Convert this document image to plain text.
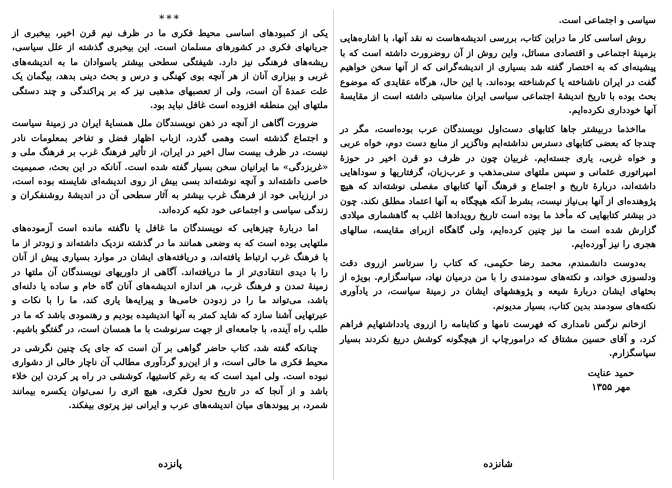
سیاسی و اجتماعی است.

روش اساسی کار ما دراین کتاب، بررسی اندیشه‌هاست نه نقد آنها، با اشاره‌هایی بزمینهٔ اجتماعی و اقتصادی مسائل، واین روش از آن روضرورت داشته است که با پیشینه‌ای که به اختصار گفته شد بسیاری از اندیشه‌گرانی که از آنها سخن خواهیم گفت در ایران ناشناخته یا کم‌شناخته بوده‌اند. با این حال، هرگاه عقایدی که موضوع بحث بوده با تاریخ اندیشهٔ اجتماعی سیاسی ایران مناسبتی داشته است از مقایسهٔ آنها خودداری نکرده‌ایم.

ما‌اخذ‌ما دربیشتر جاها کتابهای دست‌اول نویسندگان عرب بوده‌است، مگر در چندجا که بعضی کتابهای دسترس نداشته‌ایم وناگزیر از منابع دست دوم، خواه عربی و خواه غربی، یاری جسته‌ایم. غربیان چون در ظرف دو قرن اخیر در حوزهٔ امپراتوری عثمانی و سپس ملتهای سنی‌مذهب و عرب‌زبان، گرفتاریها و سوداهایی داشته‌اند، دربارهٔ تاریخ و اجتماع و فرهنگ آنها کتابهای مفصلی نوشته‌اند که هیچ پژوهنده‌ای از آنها بی‌نیاز نیست، بشرط آنکه هیچگاه به آنها اعتماد مطلق نکند. چون در بیشتر کتابهایی که مأخذ ما بوده است تاریخ رویدادها اغلب به گاهشماری میلادی گزارش شده است ما نیز چنین کرده‌ایم، ولی گاهگاه ازبرای مقایسه، سالهای هجری را نیز آورده‌ایم.

به‌دوست دانشمندم، محمد رضا حکیمی، که کتاب را سرتاسر ازروی دقت ودلسوزی خواند، و نکته‌های سودمندی را با من درمیان نهاد، سپاسگزارم. بویژه از بحثهای ایشان دربارهٔ شیعه و پژوهشهای ایشان در زمینهٔ سیاست، در یادآوری نکته‌های سودمند بدین کتاب، بسیار مدیونم.

ازخانم نرگس نامداری که فهرست نامها و کتابنامه را ازروی یادداشتهایم فراهم کرد، و آقای حسین مشتاق که درامورچاپ از هیچگونه کوشش دریغ نکردند بسیار سپاسگزارم.

حمید عنایت
مهر ۱۳۵۵
شانزده
***

یکی از کمبودهای اساسی محیط فکری ما در ظرف نیم قرن اخیر، بیخبری از جریانهای فکری در کشورهای مسلمان است. این بیخبری گذشته از علل سیاسی، ریشه‌های فرهنگی نیز دارد. شیفتگی سطحی بیشتر باسوادان ما به اندیشه‌های غربی و بیزاری آنان از هر آنچه بوی کهنگی و درس و بحث دینی بدهد، بیگمان یک علت عمدهٔ آن است، ولی از تعصبهای مذهبی نیز که بر پراکندگی و چند دستگی ملتهای این منطقه افزوده است غافل نباید بود.

ضرورت آگاهی از آنچه در ذهن نویسندگان ملل همسایهٔ ایران در زمینهٔ سیاست و اجتماع گذشته است وهمی گذرد، ازباب اظهار فضل و تفاخر بمعلومات نادر نیست. در ظرف بیست سال اخیر در ایران، از تأثیر فرهنگ غرب بر فرهنگ ملی و «غربزدگی» ما ایرانیان سخن بسیار گفته شده است. آنانکه در این بحث، صمیمیت خاصی داشته‌اند و آنچه نوشته‌اند بسی بیش از روی اندیشه‌ای شایسته بوده است، در ارزیابی خود از فرهنگ غرب بیشتر به آثار سطحی آن در اندیشهٔ روشنفکران و زندگی سیاسی و اجتماعی خود تکیه کرده‌اند.

اما دربارهٔ چیزهایی که نویسندگان ما غافل یا ناگفته مانده است آزموده‌های ملتهایی بوده است که به وضعی همانند ما در گذشته نزدیک داشته‌اند و زودتر از ما با فرهنگ غرب ارتباط یافته‌اند، و دریافته‌های ایشان در موارد بسیاری پیش از آنان را با دیدی انتقادی‌تر از ما دریافته‌اند. آگاهی از داوریهای نویسندگان آن ملتها در زمینهٔ تمدن و فرهنگ غرب، هر اندازه اندیشه‌های آنان گاه خام و ساده یا دلنه‌ای باشد، می‌تواند ما را در زدودن خامی‌ها و پیرایه‌ها یاری کند، ما را با نکات و عبرتهایی آشنا سازد که شاید کمتر به آنها اندیشیده بودیم و رهنمودی باشد که ما در طلب راه آینده، با جامعه‌ای از جهت سرنوشت با ما همسان است، در گفتگو باشیم.

چنانکه گفته شد، کتاب حاضر گواهی بر آن است که جای یک چنین نگرشی در محیط فکری ما خالی است، و از این‌رو گردآوری مطالب آن ناچار خالی از دشواری نبوده است. ولی امید است که به رغم کاستیها، کوششی در راه پر کردن این خلاء باشد و از آنجا که در تاریخ تحول فکری، هیچ اثری را نمی‌توان یکسره بیمانند شمرد، بر پیوندهای میان اندیشه‌های عرب و ایرانی نیز پرتوی بیفکند.

پانزده
